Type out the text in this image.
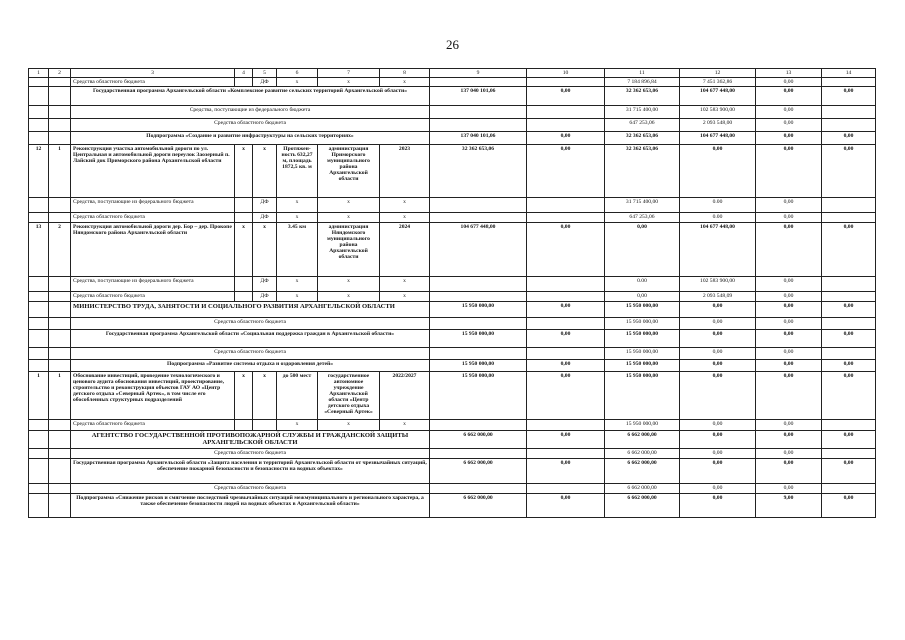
26
1	2	3	4	5	6	7	8	9	10	11	12	13	14
		Средства областного бюджета		ДФ	х	х	х			7 184 896,84	7 451 362,86	0,00	
		Государственная программа Архангельской области «Комплексное развитие сельских территорий Архангельской области»						137 040 101,06	0,00	32 362 653,06	104 677 448,00	0,00	0,00
		Средства, поступающие из федерального бюджета								31 715 400,00	102 583 900,00	0,00	
		Средства областного бюджета								647 253,06	2 093 548,00	0,00	
		Подпрограмма «Создание и развитие инфраструктуры на сельских территориях»						137 040 101,06	0,00	32 362 653,06	104 677 448,00	0,00	0,00
12	1	Реконструкция участка автомобильной дороги по ул. Центральная и автомобильной дороги переулок Заозерный п. Лайский док Приморского района Архангельской области	х	х	Протяжен-ность 632,27 м, площадь 1872,5 кв. м	администрация Приморского муниципального района Архангельской области	2023	32 362 653,06	0,00	32 362 653,06	0,00	0,00	0,00
		Средства, поступающие из федерального бюджета		ДФ	х	х	х			31 715 400,00	0.00	0,00	
		Средства областного бюджета		ДФ	х	х	х			647 253,06	0.00	0,00	
13	2	Реконструкция автомобильной дороги дер. Бор – дер. Прокопе Няндомского района Архангельской области	х	х	3.45 км	администрация Няндомского муниципального района Архангельской области	2024	104 677 448,00	0,00	0,00	104 677 448,00	0,00	0,00
		Средства, поступающие из федерального бюджета		ДФ	х	х	х			0.00	102 583 900,00	0,00	
		Средства областного бюджета		ДФ	х	х	х			0,00	2 093 548,09	0,00	
		МИНИСТЕРСТВО ТРУДА, ЗАНЯТОСТИ И СОЦИАЛЬНОГО РАЗВИТИЯ АРХАНГЕЛЬСКОЙ ОБЛАСТИ						15 950 000,00	0,00	15 950 000,00	0,00	0,00	0,00
		Средства областного бюджета								15 950 000,00	0,00	0,00	
		Государственная программа Архангельской области «Социальная поддержка граждан в Архангельской области»						15 950 000,00	0,00	15 950 000,00	0,00	0,00	0,00
		Средства областного бюджета								15 950 000,00	0,00	0,00	
		Подпрограмма «Развитие системы отдыха и оздоровления детей»						15 950 000,00	0,00	15 950 000,00	0,00	0,00	0,00
1	1	Обоснование инвестиций, проведение технологического и ценового аудита обоснования инвестиций, проектирование, строительство и реконструкция объектов ГАУ АО «Центр детского отдыха «Северный Артек», в том числе его обособленных структурных подразделений	х	х	до 500 мест	государственное автономное учреждение Архангельской области «Центр детского отдыха «Северный Артек»	2022/2027	15 950 000,00	0,00	15 950 000,00	0,00	0,00	0,00
		Средства областного бюджета			х	х	х			15 950 000,00	0,00	0,00	
		АГЕНТСТВО ГОСУДАРСТВЕННОЙ ПРОТИВОПОЖАРНОЙ СЛУЖБЫ И ГРАЖДАНСКОЙ ЗАЩИТЫ АРХАНГЕЛЬСКОЙ ОБЛАСТИ						6 662 000,00	0,00	6 662 000,00	0,00	0,00	0,00
		Средства областного бюджета								6 662 000,00	0,00	0,00	
		Государственная программа Архангельской области «Защита населения и территорий Архангельской области от чрезвычайных ситуаций, обеспечение пожарной безопасности и безопасности на водных объектах»						6 662 000,00	0,00	6 662 000,00	0,00	0,00	0,00
		Средства областного бюджета								6 662 000,00	0,00	0,00	
		Подпрограмма «Снижение рисков и смягчение последствий чрезвычайных ситуаций межмуниципального и регионального характера, а также обеспечение безопасности людей на водных объектах в Архангельской области»						6 662 000,00	0,00	6 662 000,00	0,00	9,00	0,00
